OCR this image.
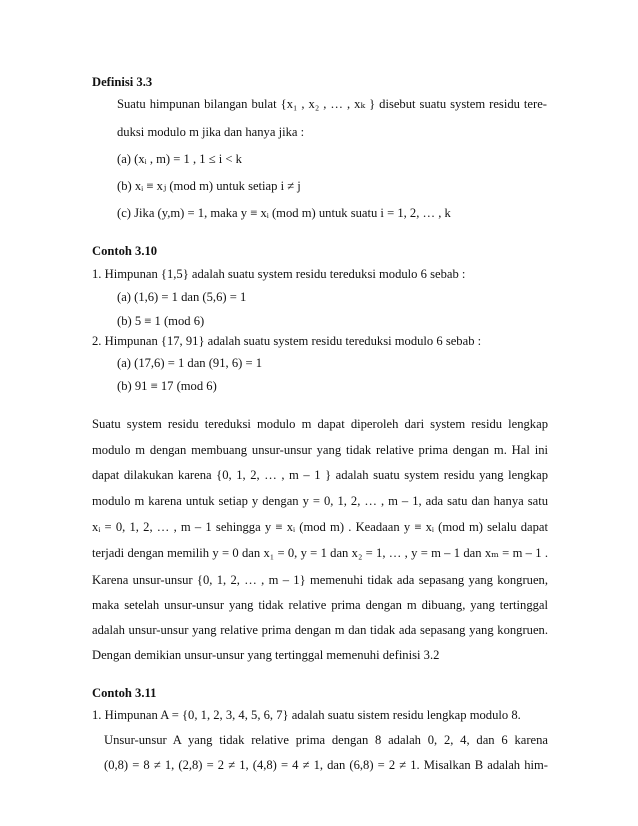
Definisi 3.3
Suatu himpunan bilangan bulat {x₁ , x₂ , … , xₖ } disebut suatu system residu tere-
duksi modulo m jika dan hanya jika :
(a) (xᵢ , m) = 1 , 1 ≤ i < k
(b) xᵢ ≡ xⱼ (mod m) untuk setiap i ≠ j
(c) Jika (y,m) = 1, maka y ≡ xᵢ (mod m) untuk suatu i = 1, 2, … , k
Contoh 3.10
1. Himpunan {1,5} adalah suatu system residu tereduksi modulo 6 sebab :
(a) (1,6) = 1 dan (5,6) = 1
(b) 5 ≡ 1 (mod 6)
2. Himpunan {17, 91} adalah suatu system residu tereduksi modulo 6 sebab :
(a) (17,6) = 1 dan (91, 6) = 1
(b) 91 ≡ 17 (mod 6)
Suatu system residu tereduksi modulo m dapat diperoleh dari system residu lengkap
modulo m dengan membuang unsur-unsur yang tidak relative prima dengan m. Hal ini
dapat dilakukan karena {0, 1, 2, … , m – 1 } adalah suatu system residu yang lengkap
modulo m karena untuk setiap y dengan y = 0, 1, 2, … , m – 1, ada satu dan hanya satu
xᵢ = 0, 1, 2, … , m – 1 sehingga y ≡ xᵢ (mod m) . Keadaan y ≡ xᵢ (mod m) selalu dapat
terjadi dengan memilih y = 0 dan x₁ = 0, y = 1 dan x₂ = 1, … , y = m – 1 dan xₘ = m – 1 .
Karena unsur-unsur {0, 1, 2, … , m – 1} memenuhi tidak ada sepasang yang kongruen,
maka setelah unsur-unsur yang tidak relative prima dengan m dibuang, yang tertinggal
adalah unsur-unsur yang relative prima dengan m dan tidak ada sepasang yang kongruen.
Dengan demikian unsur-unsur yang tertinggal memenuhi definisi 3.2
Contoh 3.11
1. Himpunan A = {0, 1, 2, 3, 4, 5, 6, 7} adalah suatu sistem residu lengkap modulo 8.
Unsur-unsur A yang tidak relative prima dengan 8 adalah 0, 2, 4, dan 6 karena
(0,8) = 8 ≠ 1, (2,8) = 2 ≠ 1, (4,8) = 4 ≠ 1, dan (6,8) = 2 ≠ 1. Misalkan B adalah him-
